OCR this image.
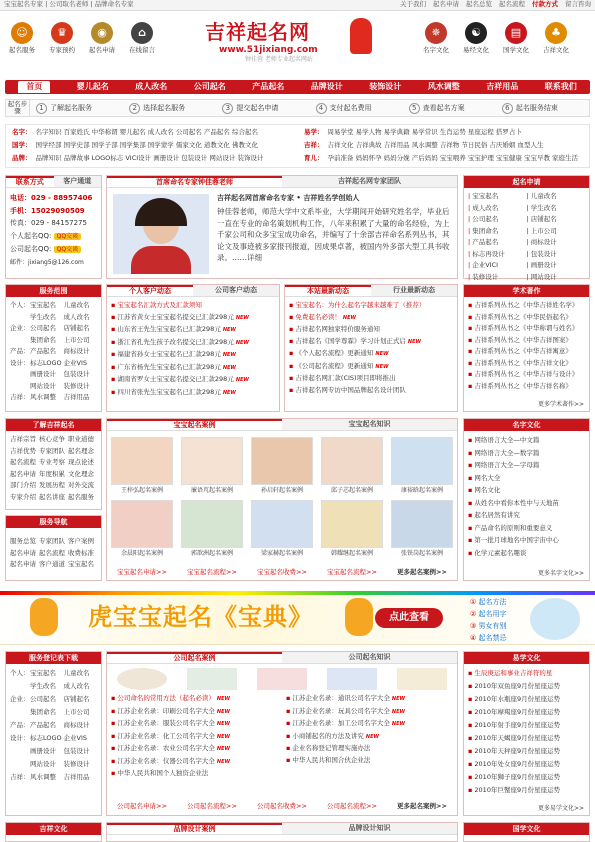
宝宝起名专家 | 公司取名老师 | 品牌命名专家	关于我们 起名申请 起名总览 起名流程 付款方式 留言咨询
☺
起名服务
♛
专家预约
◉
起名申请
⌂
在线留言
吉祥起名网
www.51jixiang.com
钟佳蓉 老师专业起名网站
✵
名字文化
☯
易经文化
▤
国学文化
♣
吉祥文化
首页	婴儿起名	成人改名	公司起名	产品起名	品牌设计	装饰设计	风水调整	吉祥用品	联系我们
起名步骤	1 了解起名服务	2 选择起名服务	3 提交起名申请	4 支付起名费用	5 查看起名方案	6 起名服务结束
名字： 名字知识 百家姓氏 中华称谓 婴儿起名 成人改名 公司起名 产品起名 综合起名	易学： 周易学堂 易学人物 易学典籍 易学常识 生肖运势 星座运程 搭罗占卜
国学： 国学经部 国学史部 国学子部 国学集部 国学蒙学 儒家文化 道教文化 佛教文化	吉祥： 吉祥文化 吉祥典故 吉祥用品 风水调整 吉祥物 节日民俗 吉庆婚姻 血型人生
品牌： 品牌知识 品牌故事 LOGO标志 VICI设计 画册设计 包装设计 网站设计 装饰设计	育儿： 孕前准备 妈妈怀孕 妈妈分娩 产后妈妈 宝宝喂养 宝宝护理 宝宝健康 宝宝早教 家庭生活
联系方式	客户通道
电话：029 - 88957406
手机：15029090509
传真：029 - 84157275
个人起名QQ: QQ交谈
公司起名QQ: QQ交谈
邮件：jixiang5@126.com
首席命名专家钟佳蓉老师	吉祥起名网专家团队
吉祥起名网首席命名专家 • 吉祥姓名学创始人
钟佳蓉老师，师范大学中文系毕业，大学期间开始研究姓名学，毕业后一直在专业的命名策划机构工作，八年来积累了大量的命名经验，为上千家公司和众多宝宝成功命名，并编写了十余部吉祥命名系列丛书，其论文及事迹被多家报刊报道，因成果卓著，被国内外多部大型工具书收录。……详细
起名申请
| 宝宝起名	| 儿童改名
| 成人改名	| 学生改名
| 公司起名	| 店铺起名
| 集团命名	| 上市公司
| 产品起名	| 商标设计
| 标志再设计	| 包装设计
| 企业VICI	| 画册设计
| 装修设计	| 网站设计
服务范围
个人： 宝宝起名	儿童改名
学生改名	成人改名
企业： 公司起名	店铺起名
集团命名	上市公司
产品： 产品起名	商标设计
设计： 标志LOGO 企业VIS
画册设计	包装设计
网站设计	装修设计
吉祥： 风水调整	吉祥用品
个人客户动态	公司客户动态
▪ 宝宝起名汇款方式及汇款须知
▪ 江苏省黄女士宝宝起名提交已汇款298元 NEW
▪ 山东省王先生宝宝起名已汇款298元 NEW
▪ 浙江省孔先生孩子改名提交已汇款298元 NEW
▪ 福建省孙女士宝宝起名已汇款298元 NEW
▪ 广东省杨先生宝宝起名已汇款298元 NEW
▪ 湖南省罗女士宝宝起名提交已汇款298元 NEW
▪ 四川省张先生宝宝起名已汇款298元 NEW
本站最新动态	行业最新动态
▪ 宝宝起名：为什么起名字越来越难了（推荐）
▪ 免费起名必读！ NEW
▪ 吉祥起名网独家特价服务通知
▪ 吉祥起名《国学尊霖》学习计划正式启 NEW
▪ 《个人起名流程》更新通知 NEW
▪ 《公司起名流程》更新通知 NEW
▪ 吉祥起名网汇款(CIS)项目即将推出
▪ 吉祥起名网专访中国品牌起名设计团队
学术著作
▪ 吉祥系列丛书之《中华吉祥姓名学》
▪ 吉祥系列丛书之《中华民俗起名》
▪ 吉祥系列丛书之《中华称谓与姓名》
▪ 吉祥系列丛书之《中华吉祥图案》
▪ 吉祥系列丛书之《中华吉祥寓意》
▪ 吉祥系列丛书之《中华吉祥文化》
▪ 吉祥系列丛书之《中华吉祥与设计》
▪ 吉祥系列丛书之《中华吉祥名称》
更多学术著作>>
了解吉祥起名
吉祥宗旨 核心竞争 职业道德
吉祥优势 专家团队 起名理念
起名流程 专业考察 现点论述
起名申请 年度积累 文化理念
部门介绍 发展历程 对外交流
专家介绍 起名讲座 起名服务
服务导航
服务总览 专家团队 客户案例
起名申请 起名流程 收费标准
起名申请 客户通道 宝宝起名
宝宝起名案例	宝宝起名知识
王梓弘起名案例	廉语芃起名案例	孙启轩起名案例	邱子芯起名案例	康裕晗起名案例
余晨阳起名案例	郭歆洲起名案例	梁家赫起名案例	韩耀继起名案例	张铁岗起名案例
宝宝起名申请>>	宝宝起名流程>>	宝宝起名收费>>	宝宝起名流程>>	更多起名案例>>
名字文化
▪ 网络语言大全—中文篇
▪ 网络语言大全—数字篇
▪ 网络语言大全—字母篇
▪ 网名大全
▪ 网名文化
▪ 从姓名中看你本性中与天地苗
▪ 起名居然有讲究
▪ 产品命名的原则和重要意义
▪ 第一批月球地名中国宇宙中心
▪ 化学元素起名趣谈
更多名字文化>>
虎宝宝起名《宝典》	点此查看
① 起名方法
② 起名用字
③ 男女有别
④ 起名禁忌
服务登记表下载
个人： 宝宝起名	儿童改名
学生改名	成人改名
企业： 公司起名	店铺起名
集团命名	上市公司
产品： 产品起名	商标设计
设计： 标志LOGO 企业VIS
画册设计	包装设计
网站设计	装修设计
吉祥： 风水调整	吉祥用品
公司起名案例	公司起名知识
▪ 公司命名的常用方法（起名必读） NEW
▪ 江苏企业名录：印刷公司名字大全 NEW
▪ 江苏企业名录：服装公司名字大全 NEW
▪ 江苏企业名录：化工公司名字大全 NEW
▪ 江苏企业名录：农业公司名字大全 NEW
▪ 江苏企业名录：仪器公司名字大全 NEW
▪ 中华人民共和国个人独资企业法
▪ 江苏企业名录：通讯公司名字大全 NEW
▪ 江苏企业名录：玩具公司名字大全 NEW
▪ 江苏企业名录：加工公司名字大全 NEW
▪ 小商铺起名的方法及讲究 NEW
▪ 企业名称登记管理实施办法
▪ 中华人民共和国合伙企业法
公司起名申请>>	公司起名流程>>	公司起名收费>>	公司起名流程>>	更多起名案例>>
易学文化
▪ 生辰庚运和事业吉祥符的星
▪ 2010年双鱼座9月份星座运势
▪ 2010年水瓶座9月份星座运势
▪ 2010年摩羯座9月份星座运势
▪ 2010年射手座9月份星座运势
▪ 2010年天蝎座9月份星座运势
▪ 2010年天秤座9月份星座运势
▪ 2010年处女座9月份星座运势
▪ 2010年狮子座9月份星座运势
▪ 2010年巨蟹座9月份星座运势
更多易学文化>>
吉祥文化	品牌设计案例	品牌设计知识	国学文化
